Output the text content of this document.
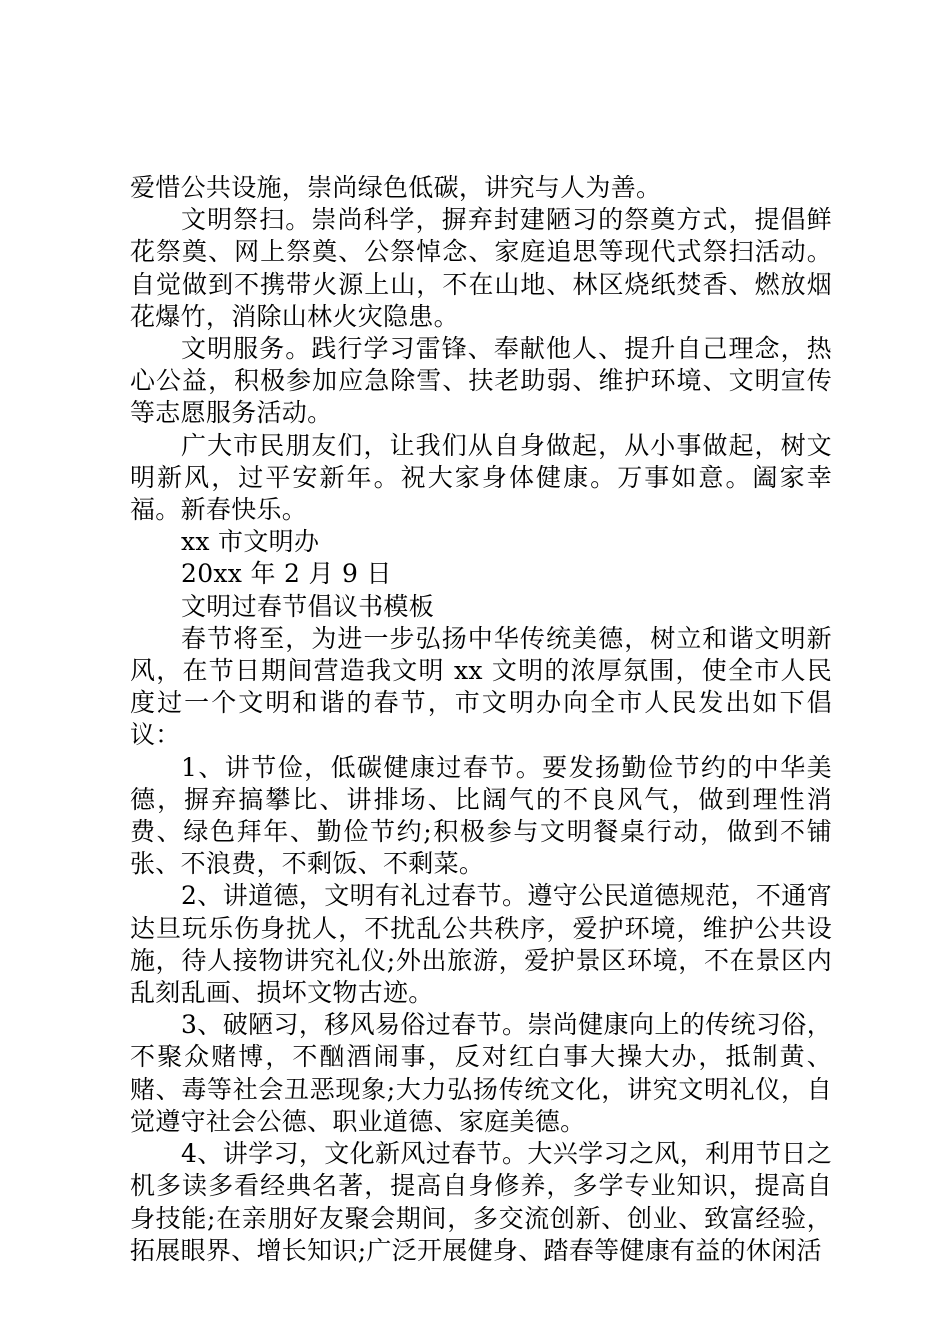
爱惜公共设施，崇尚绿色低碳，讲究与人为善。

文明祭扫。崇尚科学，摒弃封建陋习的祭奠方式，提倡鲜花祭奠、网上祭奠、公祭悼念、家庭追思等现代式祭扫活动。自觉做到不携带火源上山，不在山地、林区烧纸焚香、燃放烟花爆竹，消除山林火灾隐患。

文明服务。践行学习雷锋、奉献他人、提升自己理念，热心公益，积极参加应急除雪、扶老助弱、维护环境、文明宣传等志愿服务活动。

广大市民朋友们，让我们从自身做起，从小事做起，树文明新风，过平安新年。祝大家身体健康。万事如意。阖家幸福。新春快乐。

xx 市文明办

20xx 年 2 月 9 日

文明过春节倡议书模板

春节将至，为进一步弘扬中华传统美德，树立和谐文明新风，在节日期间营造我文明 xx 文明的浓厚氛围，使全市人民度过一个文明和谐的春节，市文明办向全市人民发出如下倡议：

1、讲节俭，低碳健康过春节。要发扬勤俭节约的中华美德，摒弃搞攀比、讲排场、比阔气的不良风气，做到理性消费、绿色拜年、勤俭节约;积极参与文明餐桌行动，做到不铺张、不浪费，不剩饭、不剩菜。

2、讲道德，文明有礼过春节。遵守公民道德规范，不通宵达旦玩乐伤身扰人，不扰乱公共秩序，爱护环境，维护公共设施，待人接物讲究礼仪;外出旅游，爱护景区环境，不在景区内乱刻乱画、损坏文物古迹。

3、破陋习，移风易俗过春节。崇尚健康向上的传统习俗，不聚众赌博，不酗酒闹事，反对红白事大操大办，抵制黄、赌、毒等社会丑恶现象;大力弘扬传统文化，讲究文明礼仪，自觉遵守社会公德、职业道德、家庭美德。

4、讲学习，文化新风过春节。大兴学习之风，利用节日之机多读多看经典名著，提高自身修养，多学专业知识，提高自身技能;在亲朋好友聚会期间，多交流创新、创业、致富经验，拓展眼界、增长知识;广泛开展健身、踏春等健康有益的休闲活
